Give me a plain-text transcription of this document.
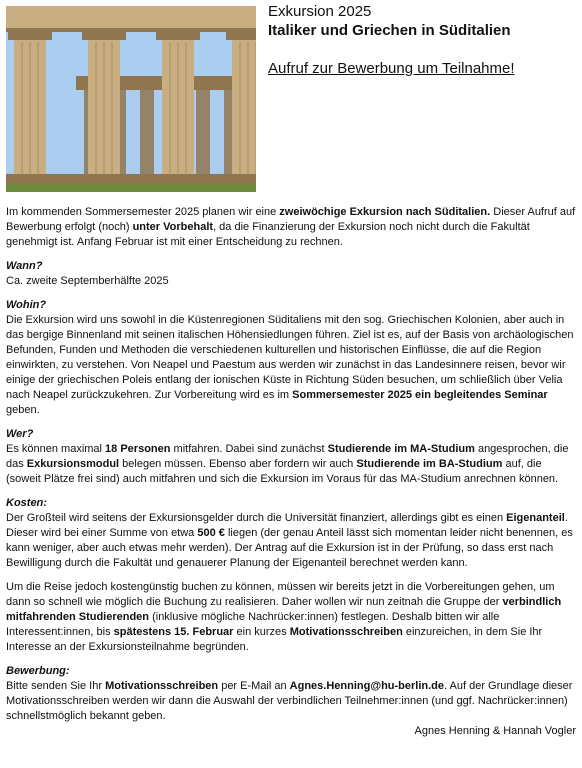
Exkursion 2025
Italiker und Griechen in Süditalien
Aufruf zur Bewerbung um Teilnahme!

Im kommenden Sommersemester 2025 planen wir eine zweiwöchige Exkursion nach Süditalien. Dieser Aufruf auf Bewerbung erfolgt (noch) unter Vorbehalt, da die Finanzierung der Exkursion noch nicht durch die Fakultät genehmigt ist. Anfang Februar ist mit einer Entscheidung zu rechnen.

Wann?

Ca. zweite Septemberhälfte 2025

Wohin?

Die Exkursion wird uns sowohl in die Küstenregionen Süditaliens mit den sog. Griechischen Kolonien, aber auch in das bergige Binnenland mit seinen italischen Höhensiedlungen führen. Ziel ist es, auf der Basis von archäologischen Befunden, Funden und Methoden die verschiedenen kulturellen und historischen Einflüsse, die auf die Region einwirkten, zu verstehen. Von Neapel und Paestum aus werden wir zunächst in das Landesinnere reisen, bevor wir einige der griechischen Poleis entlang der ionischen Küste in Richtung Süden besuchen, um schließlich über Velia nach Neapel zurückzukehren. Zur Vorbereitung wird es im Sommersemester 2025 ein begleitendes Seminar geben.

Wer?

Es können maximal 18 Personen mitfahren. Dabei sind zunächst Studierende im MA-Studium angesprochen, die das Exkursionsmodul belegen müssen. Ebenso aber fordern wir auch Studierende im BA-Studium auf, die (soweit Plätze frei sind) auch mitfahren und sich die Exkursion im Voraus für das MA-Studium anrechnen können.

Kosten:

Der Großteil wird seitens der Exkursionsgelder durch die Universität finanziert, allerdings gibt es einen Eigenanteil. Dieser wird bei einer Summe von etwa 500 € liegen (der genau Anteil lässt sich momentan leider nicht benennen, es kann weniger, aber auch etwas mehr werden). Der Antrag auf die Exkursion ist in der Prüfung, so dass erst nach Bewilligung durch die Fakultät und genauerer Planung der Eigenanteil berechnet werden kann.

Um die Reise jedoch kostengünstig buchen zu können, müssen wir bereits jetzt in die Vorbereitungen gehen, um dann so schnell wie möglich die Buchung zu realisieren. Daher wollen wir nun zeitnah die Gruppe der verbindlich mitfahrenden Studierenden (inklusive mögliche Nachrücker:innen) festlegen. Deshalb bitten wir alle Interessent:innen, bis spätestens 15. Februar ein kurzes Motivationsschreiben einzureichen, in dem Sie Ihr Interesse an der Exkursionsteilnahme begründen.

Bewerbung:

Bitte senden Sie Ihr Motivationsschreiben per E-Mail an Agnes.Henning@hu-berlin.de. Auf der Grundlage dieser Motivationsschreiben werden wir dann die Auswahl der verbindlichen Teilnehmer:innen (und ggf. Nachrücker:innen) schnellstmöglich bekannt geben.

Agnes Henning & Hannah Vogler
